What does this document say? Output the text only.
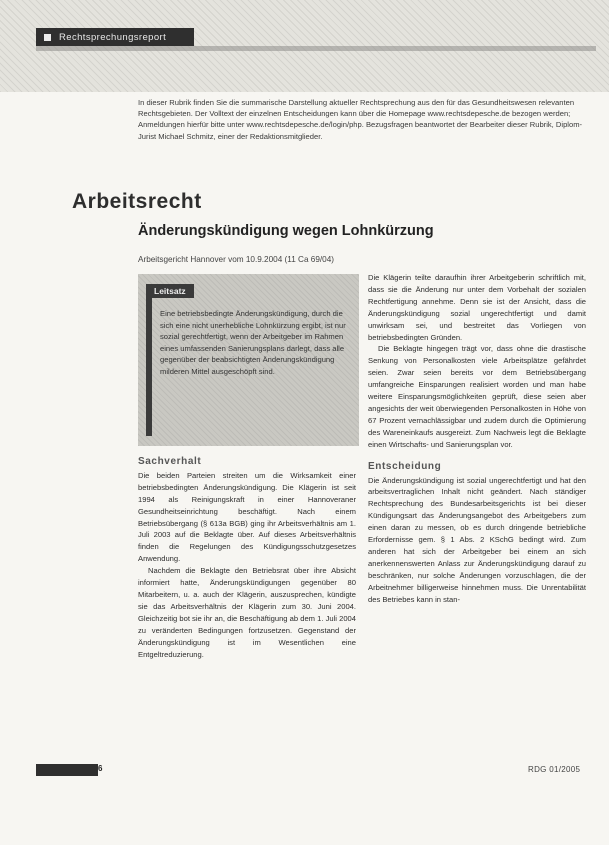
Rechtsprechungsreport
In dieser Rubrik finden Sie die summarische Darstellung aktueller Rechtsprechung aus den für das Gesundheitswesen relevanten Rechtsgebieten. Der Volltext der einzelnen Entscheidungen kann über die Homepage www.rechtsdepesche.de bezogen werden; Anmeldungen hierfür bitte unter www.rechtsdepesche.de/login/php. Bezugsfragen beantwortet der Bearbeiter dieser Rubrik, Diplom-Jurist Michael Schmitz, einer der Redaktionsmitglieder.
Arbeitsrecht
Änderungskündigung wegen Lohnkürzung
Arbeitsgericht Hannover vom 10.9.2004 (11 Ca 69/04)
Leitsatz
Eine betriebsbedingte Änderungskündigung, durch die sich eine nicht unerhebliche Lohnkürzung ergibt, ist nur sozial gerechtfertigt, wenn der Arbeitgeber im Rahmen eines umfassenden Sanierungsplans darlegt, dass alle gegenüber der beabsichtigten Änderungskündigung milderen Mittel ausgeschöpft sind.
Sachverhalt

Die beiden Parteien streiten um die Wirksamkeit einer betriebsbedingten Änderungskündigung. Die Klägerin ist seit 1994 als Reinigungskraft in einer Hannoveraner Gesundheitseinrichtung beschäftigt. Nach einem Betriebsübergang (§ 613a BGB) ging ihr Arbeitsverhältnis am 1. Juli 2003 auf die Beklagte über. Auf dieses Arbeitsverhältnis finden die Regelungen des Kündigungsschutzgesetzes Anwendung.

Nachdem die Beklagte den Betriebsrat über ihre Absicht informiert hatte, Änderungskündigungen gegenüber 80 Mitarbeitern, u. a. auch der Klägerin, auszusprechen, kündigte sie das Arbeitsverhältnis der Klägerin zum 30. Juni 2004. Gleichzeitig bot sie ihr an, die Beschäftigung ab dem 1. Juli 2004 zu veränderten Bedingungen fortzusetzen. Gegenstand der Änderungskündigung ist im Wesentlichen eine Entgeltreduzierung.

Die Klägerin teilte daraufhin ihrer Arbeitgeberin schriftlich mit, dass sie die Änderung nur unter dem Vorbehalt der sozialen Rechtfertigung annehme. Denn sie ist der Ansicht, dass die Änderungskündigung sozial ungerechtfertigt und damit unwirksam sei, und bestreitet das Vorliegen von betriebsbedingten Gründen.

Die Beklagte hingegen trägt vor, dass ohne die drastische Senkung von Personalkosten viele Arbeitsplätze gefährdet seien. Zwar seien bereits vor dem Betriebsübergang umfangreiche Einsparungen realisiert worden und man habe weitere Einsparungsmöglichkeiten geprüft, diese seien aber angesichts der weit überwiegenden Personalkosten in Höhe von 67 Prozent vernachlässigbar und zudem durch die Optimierung des Wareneinkaufs ausgereizt. Zum Nachweis legt die Beklagte einen Wirtschafts- und Sanierungsplan vor.

Entscheidung

Die Änderungskündigung ist sozial ungerechtfertigt und hat den arbeitsvertraglichen Inhalt nicht geändert. Nach ständiger Rechtsprechung des Bundesarbeitsgerichts ist bei dieser Kündigungsart das Änderungsangebot des Arbeitgebers zum einen daran zu messen, ob es durch dringende betriebliche Erfordernisse gem. § 1 Abs. 2 KSchG bedingt wird. Zum anderen hat sich der Arbeitgeber bei einem an sich anerkennenswerten Anlass zur Änderungskündigung darauf zu beschränken, nur solche Änderungen vorzuschlagen, die der Arbeitnehmer billigerweise hinnehmen muss. Die Unrentabilität des Betriebes kann in stan-

6	RDG 01/2005
